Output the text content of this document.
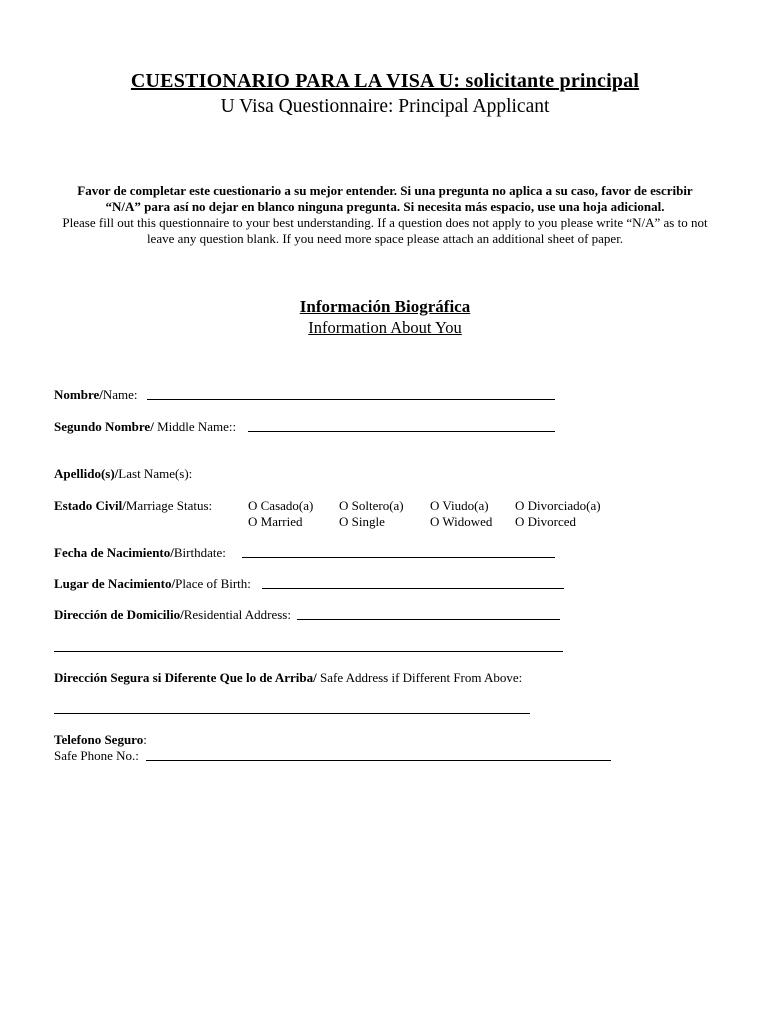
CUESTIONARIO PARA LA VISA U: solicitante principal
U Visa Questionnaire: Principal Applicant
Favor de completar este cuestionario a su mejor entender. Si una pregunta no aplica a su caso, favor de escribir
“N/A” para así no dejar en blanco ninguna pregunta. Si necesita más espacio, use una hoja adicional.
Please fill out this questionnaire to your best understanding. If a question does not apply to you please write “N/A” as to not
leave any question blank. If you need more space please attach an additional sheet of paper.
Información Biográfica
Information About You
Nombre/Name:
Segundo Nombre/ Middle Name::
Apellido(s)/Last Name(s):
Estado Civil/Marriage Status:	O Casado(a)
O Married
O Soltero(a)
O Single
O Viudo(a)
O Widowed
O Divorciado(a)
O Divorced
Fecha de Nacimiento/Birthdate:
Lugar de Nacimiento/Place of Birth:
Dirección de Domicilio/Residential Address:
Dirección Segura si Diferente Que lo de Arriba/ Safe Address if Different From Above:
Telefono Seguro:
Safe Phone No.:
